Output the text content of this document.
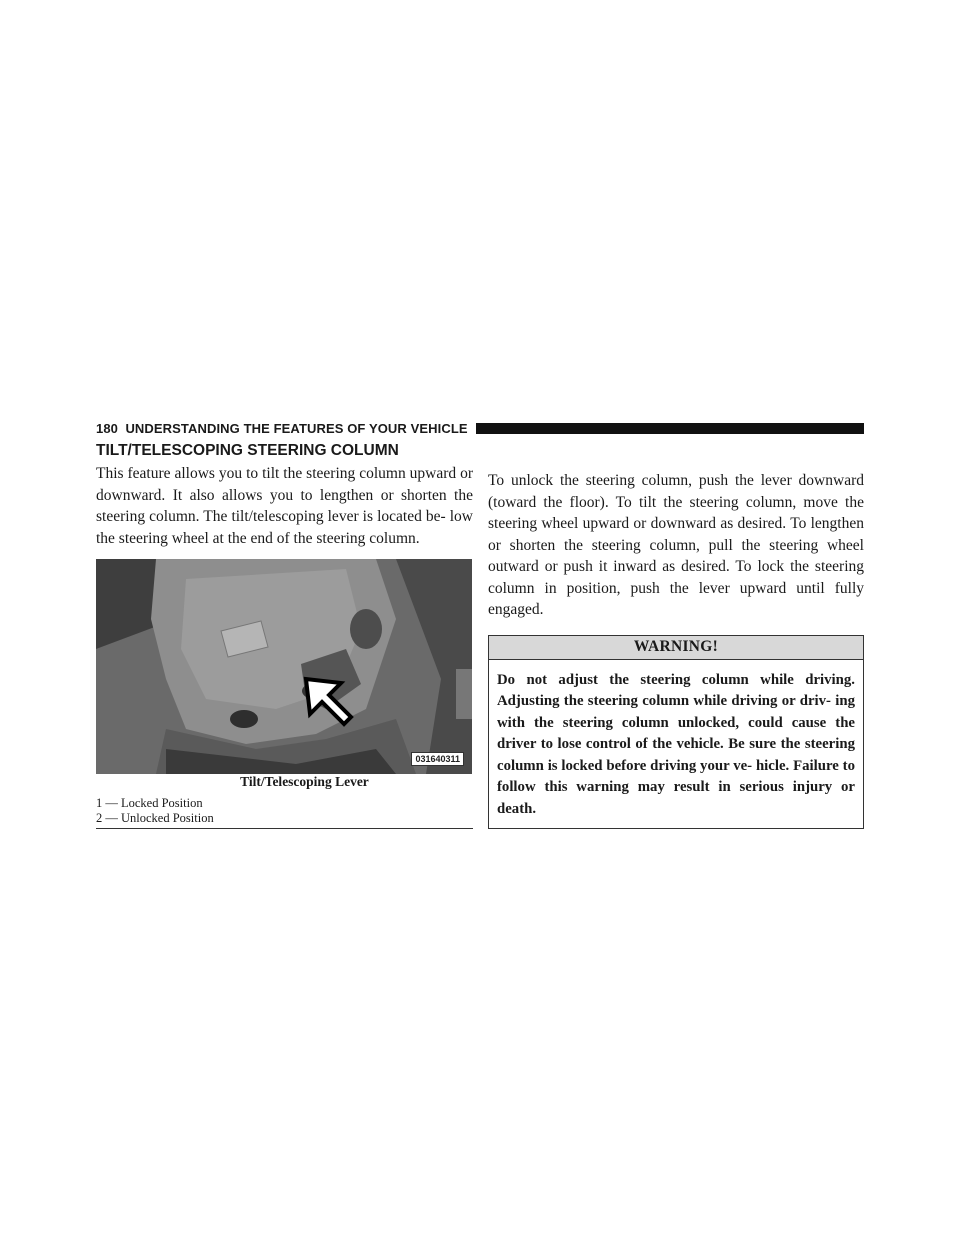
180 UNDERSTANDING THE FEATURES OF YOUR VEHICLE
TILT/TELESCOPING STEERING COLUMN

This feature allows you to tilt the steering column upward or downward. It also allows you to lengthen or shorten the steering column. The tilt/telescoping lever is located be- low the steering wheel at the end of the steering column.

031640311
Tilt/Telescoping Lever
1 — Locked Position
2 — Unlocked Position

To unlock the steering column, push the lever downward (toward the floor). To tilt the steering column, move the steering wheel upward or downward as desired. To lengthen or shorten the steering column, pull the steering wheel outward or push it inward as desired. To lock the steering column in position, push the lever upward until fully engaged.

WARNING!

Do not adjust the steering column while driving. Adjusting the steering column while driving or driv- ing with the steering column unlocked, could cause the driver to lose control of the vehicle. Be sure the steering column is locked before driving your ve- hicle. Failure to follow this warning may result in serious injury or death.
